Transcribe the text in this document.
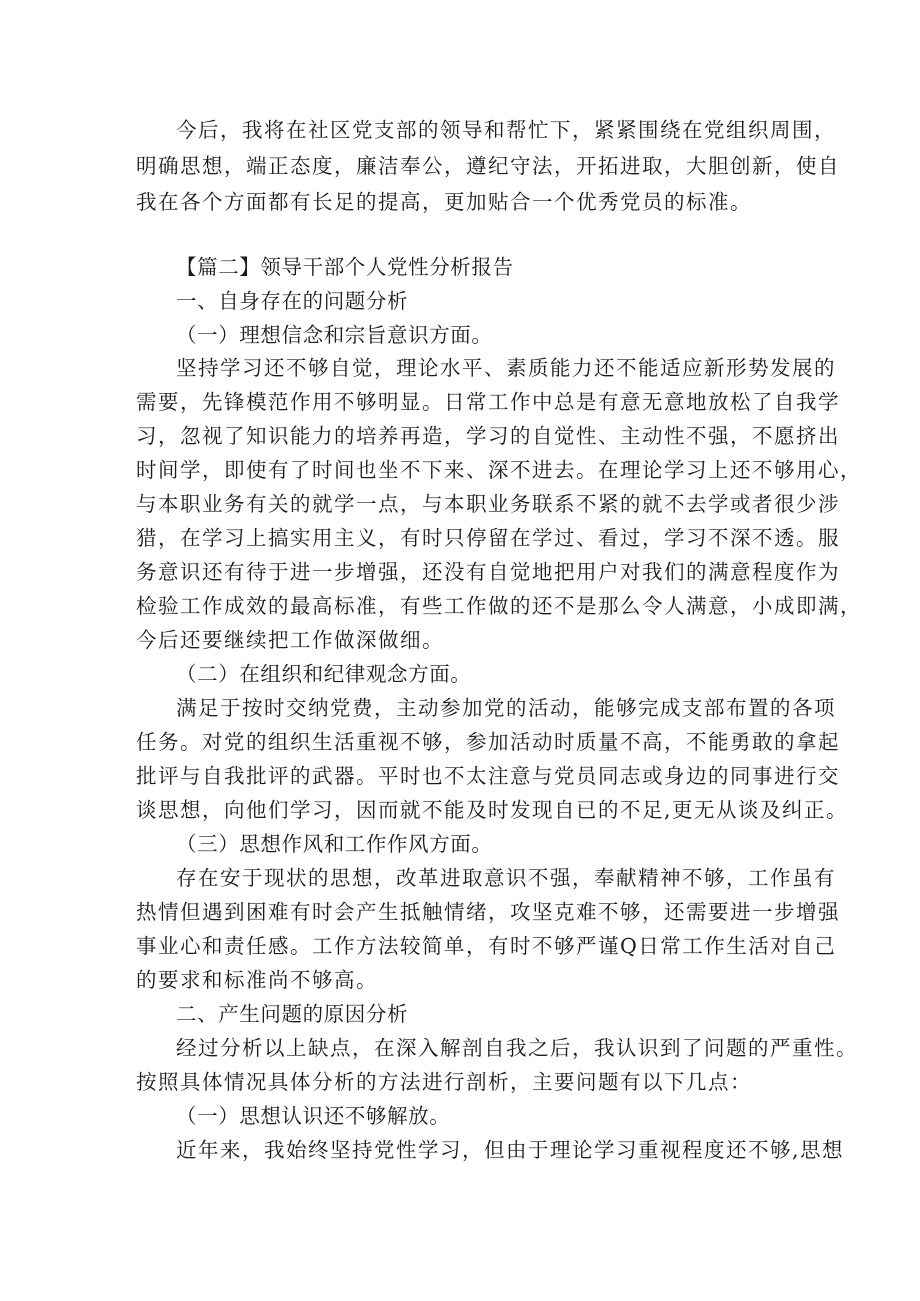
今后，我将在社区党支部的领导和帮忙下，紧紧围绕在党组织周围，
明确思想，端正态度，廉洁奉公，遵纪守法，开拓进取，大胆创新，使自
我在各个方面都有长足的提高，更加贴合一个优秀党员的标准。
【篇二】领导干部个人党性分析报告
一、自身存在的问题分析
（一）理想信念和宗旨意识方面。
坚持学习还不够自觉，理论水平、素质能力还不能适应新形势发展的
需要，先锋模范作用不够明显。日常工作中总是有意无意地放松了自我学
习，忽视了知识能力的培养再造，学习的自觉性、主动性不强，不愿挤出
时间学，即使有了时间也坐不下来、深不进去。在理论学习上还不够用心，
与本职业务有关的就学一点，与本职业务联系不紧的就不去学或者很少涉
猎，在学习上搞实用主义，有时只停留在学过、看过，学习不深不透。服
务意识还有待于进一步增强，还没有自觉地把用户对我们的满意程度作为
检验工作成效的最高标准，有些工作做的还不是那么令人满意，小成即满，
今后还要继续把工作做深做细。
（二）在组织和纪律观念方面。
满足于按时交纳党费，主动参加党的活动，能够完成支部布置的各项
任务。对党的组织生活重视不够，参加活动时质量不高，不能勇敢的拿起
批评与自我批评的武器。平时也不太注意与党员同志或身边的同事进行交
谈思想，向他们学习，因而就不能及时发现自已的不足,更无从谈及纠正。
（三）思想作风和工作作风方面。
存在安于现状的思想，改革进取意识不强，奉献精神不够，工作虽有
热情但遇到困难有时会产生抵触情绪，攻坚克难不够，还需要进一步增强
事业心和责任感。工作方法较简单，有时不够严谨Q日常工作生活对自己
的要求和标准尚不够高。
二、产生问题的原因分析
经过分析以上缺点，在深入解剖自我之后，我认识到了问题的严重性。
按照具体情况具体分析的方法进行剖析，主要问题有以下几点：
（一）思想认识还不够解放。
近年来，我始终坚持党性学习，但由于理论学习重视程度还不够,思想
